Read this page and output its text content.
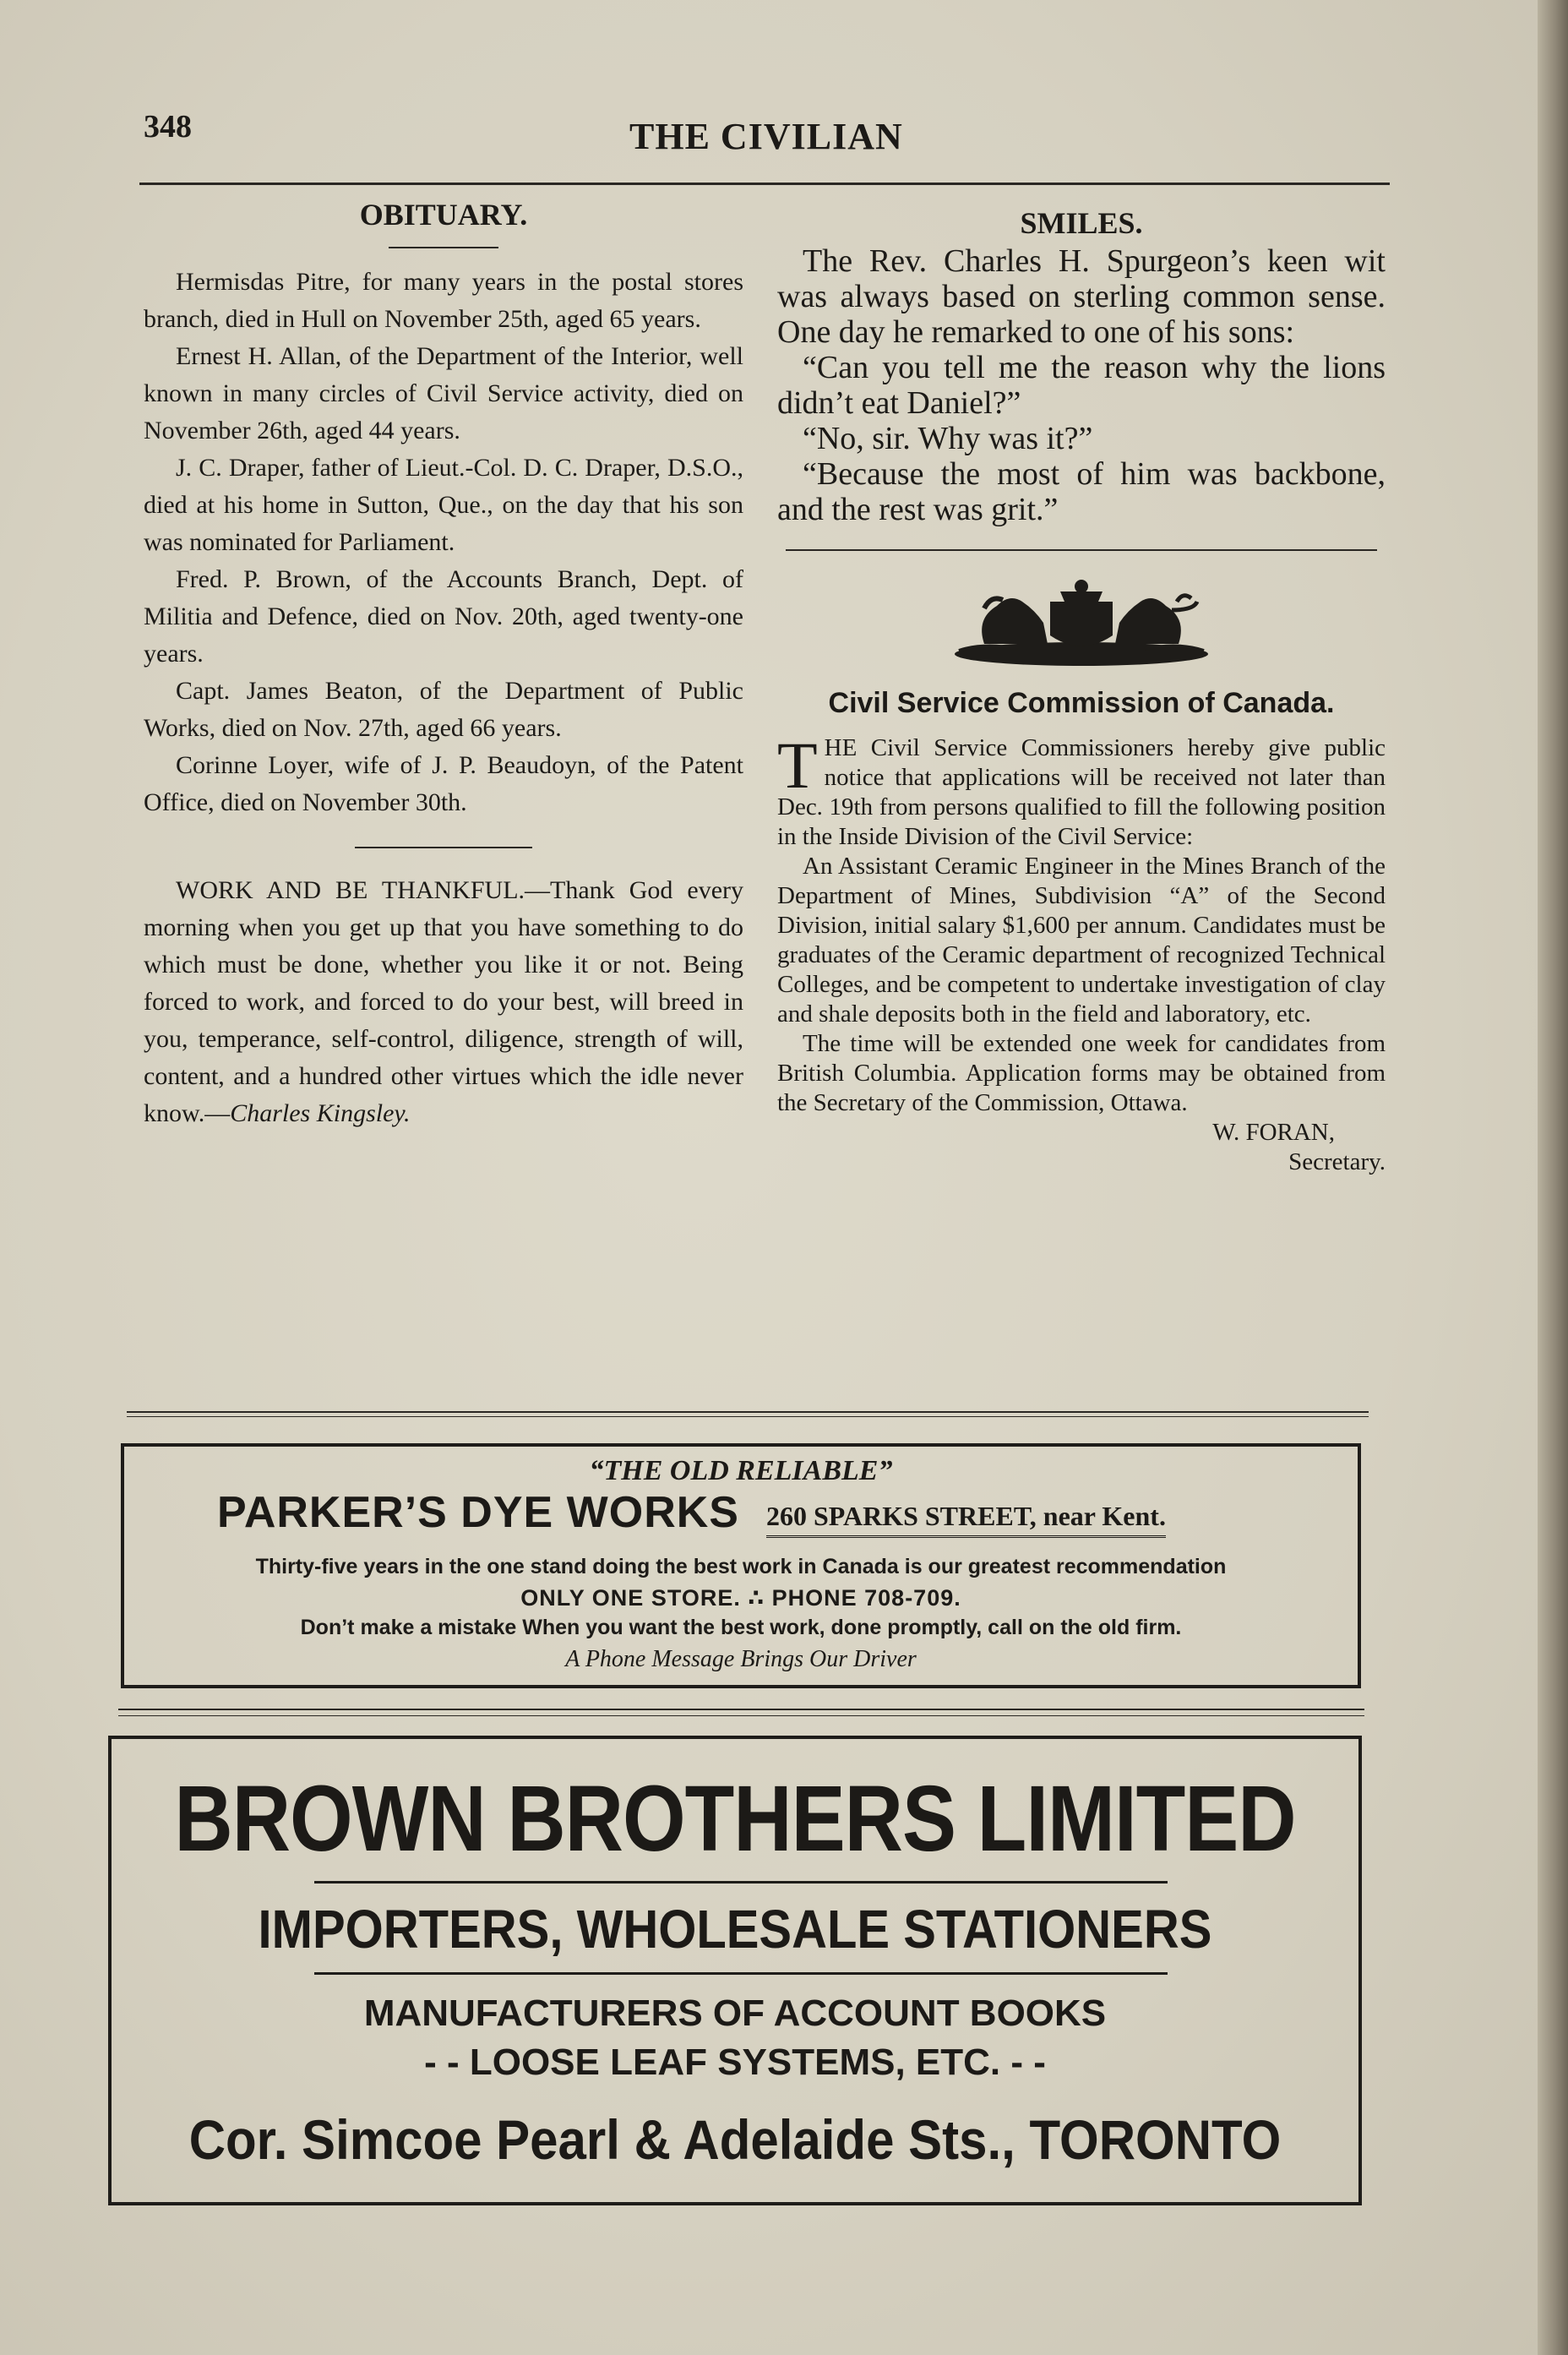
348	THE CIVILIAN
OBITUARY.

Hermisdas Pitre, for many years in the postal stores branch, died in Hull on November 25th, aged 65 years.

Ernest H. Allan, of the Department of the Interior, well known in many circles of Civil Service activity, died on November 26th, aged 44 years.

J. C. Draper, father of Lieut.-Col. D. C. Draper, D.S.O., died at his home in Sutton, Que., on the day that his son was nominated for Parliament.

Fred. P. Brown, of the Accounts Branch, Dept. of Militia and Defence, died on Nov. 20th, aged twenty-one years.

Capt. James Beaton, of the Department of Public Works, died on Nov. 27th, aged 66 years.

Corinne Loyer, wife of J. P. Beaudoyn, of the Patent Office, died on November 30th.

WORK AND BE THANKFUL.—Thank God every morning when you get up that you have something to do which must be done, whether you like it or not. Being forced to work, and forced to do your best, will breed in you, temperance, self-control, diligence, strength of will, content, and a hundred other virtues which the idle never know.—Charles Kingsley.

SMILES.

The Rev. Charles H. Spurgeon’s keen wit was always based on sterling common sense. One day he remarked to one of his sons:

“Can you tell me the reason why the lions didn’t eat Daniel?”

“No, sir. Why was it?”

“Because the most of him was backbone, and the rest was grit.”

Civil Service Commission of Canada.

THE Civil Service Commissioners hereby give public notice that applications will be received not later than Dec. 19th from persons qualified to fill the following position in the Inside Division of the Civil Service:

An Assistant Ceramic Engineer in the Mines Branch of the Department of Mines, Subdivision “A” of the Second Division, initial salary $1,600 per annum. Candidates must be graduates of the Ceramic department of recognized Technical Colleges, and be competent to undertake investigation of clay and shale deposits both in the field and laboratory, etc.

The time will be extended one week for candidates from British Columbia. Application forms may be obtained from the Secretary of the Commission, Ottawa.

W. FORAN,

Secretary.

“THE OLD RELIABLE”
PARKER’S DYE WORKS 260 SPARKS STREET, near Kent.
Thirty-five years in the one stand doing the best work in Canada is our greatest recommendation
ONLY ONE STORE. ∴ PHONE 708-709.
Don’t make a mistake When you want the best work, done promptly, call on the old firm.
A Phone Message Brings Our Driver
BROWN BROTHERS LIMITED
IMPORTERS, WHOLESALE STATIONERS
MANUFACTURERS OF ACCOUNT BOOKS
- - LOOSE LEAF SYSTEMS, ETC. - -
Cor. Simcoe Pearl & Adelaide Sts., TORONTO
